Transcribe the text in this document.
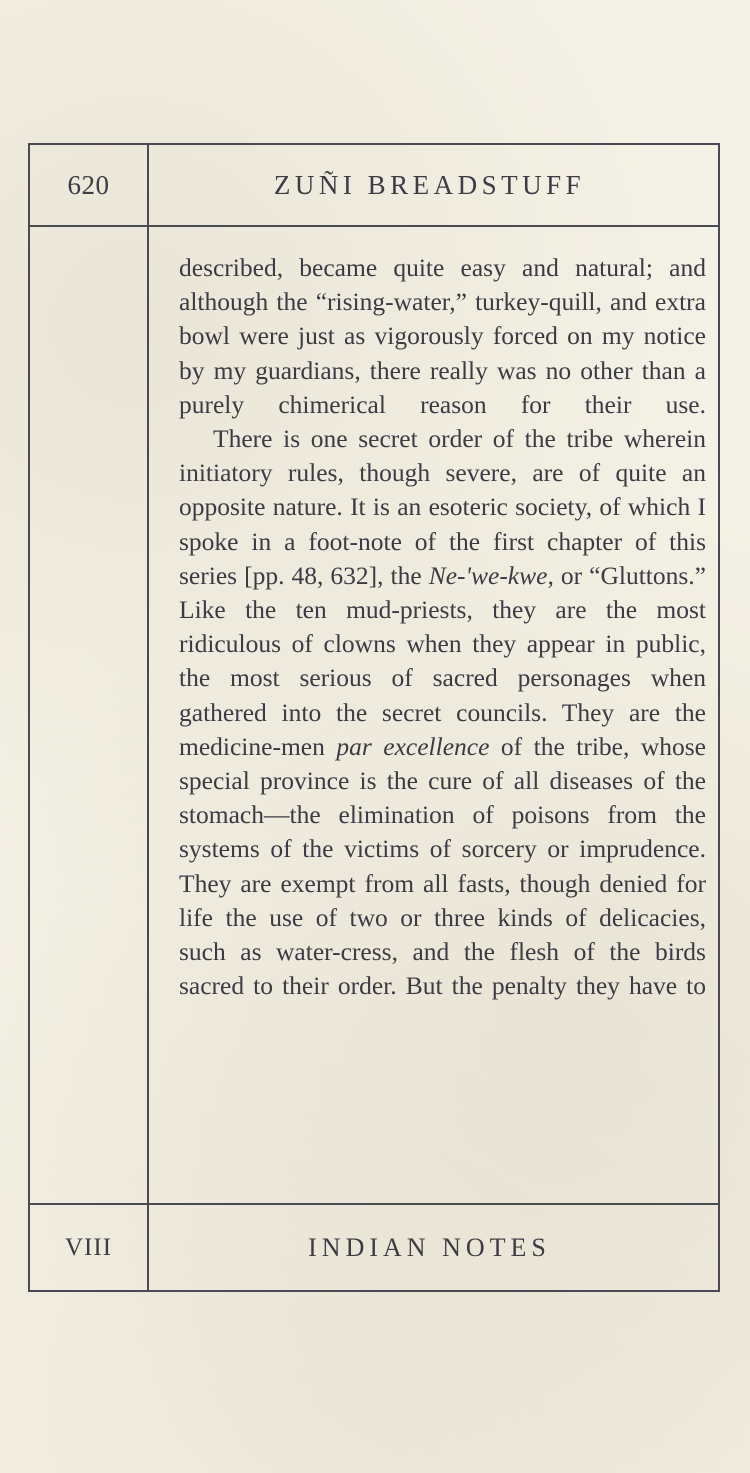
620	ZUÑI BREADSTUFF

described, became quite easy and natural; and although the “rising-water,” turkey-quill, and extra bowl were just as vigorously forced on my notice by my guardians, there really was no other than a purely chimerical reason for their use.

There is one secret order of the tribe wherein initiatory rules, though severe, are of quite an opposite nature. It is an esoteric society, of which I spoke in a foot-note of the first chapter of this series [pp. 48, 632], the Ne-'we-kwe, or “Gluttons.” Like the ten mud-priests, they are the most ridiculous of clowns when they appear in public, the most serious of sacred personages when gathered into the secret councils. They are the medicine-men par excellence of the tribe, whose special province is the cure of all diseases of the stomach—the elimination of poisons from the systems of the victims of sorcery or imprudence. They are exempt from all fasts, though denied for life the use of two or three kinds of delicacies, such as water-cress, and the flesh of the birds sacred to their order. But the penalty they have to

VIII	INDIAN NOTES
